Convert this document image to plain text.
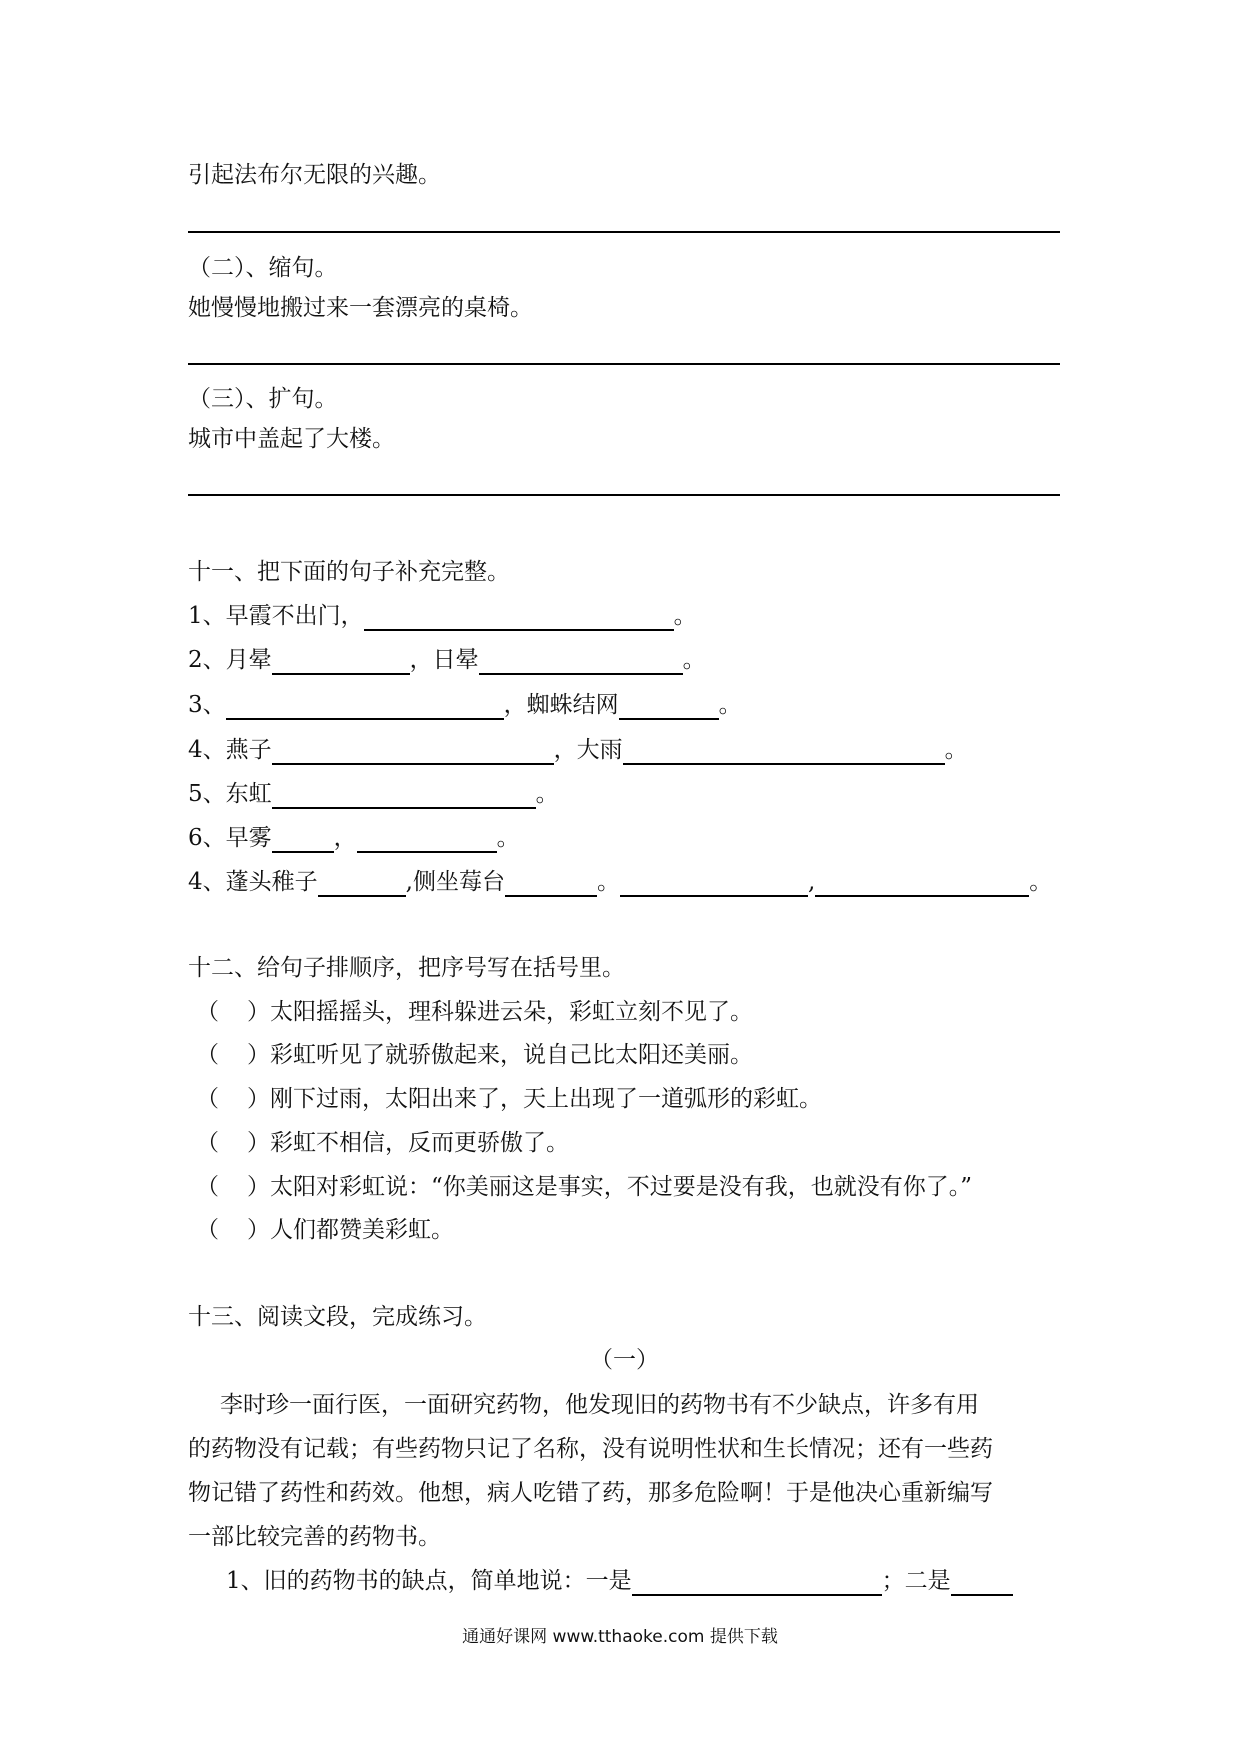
引起法布尔无限的兴趣。
（二）、缩句。
她慢慢地搬过来一套漂亮的桌椅。
（三）、扩句。
城市中盖起了大楼。
十一、把下面的句子补充完整。
1、早霞不出门，	。
2、月晕	，日晕	。
3、	，蜘蛛结网	。
4、燕子	，大雨	。
5、东虹	。
6、早雾	，	。
4、蓬头稚子	,侧坐莓台	。	,	。
十二、给句子排顺序，把序号写在括号里。
（ ）太阳摇摇头，理科躲进云朵，彩虹立刻不见了。
（ ）彩虹听见了就骄傲起来，说自己比太阳还美丽。
（ ）刚下过雨，太阳出来了，天上出现了一道弧形的彩虹。
（ ）彩虹不相信，反而更骄傲了。
（ ）太阳对彩虹说：“你美丽这是事实，不过要是没有我，也就没有你了。”
（ ）人们都赞美彩虹。
十三、阅读文段，完成练习。
（一）
李时珍一面行医，一面研究药物，他发现旧的药物书有不少缺点，许多有用
的药物没有记载；有些药物只记了名称，没有说明性状和生长情况；还有一些药
物记错了药性和药效。他想，病人吃错了药，那多危险啊！于是他决心重新编写
一部比较完善的药物书。
1、旧的药物书的缺点，简单地说：一是	；二是
通通好课网 www.tthaoke.com 提供下载
